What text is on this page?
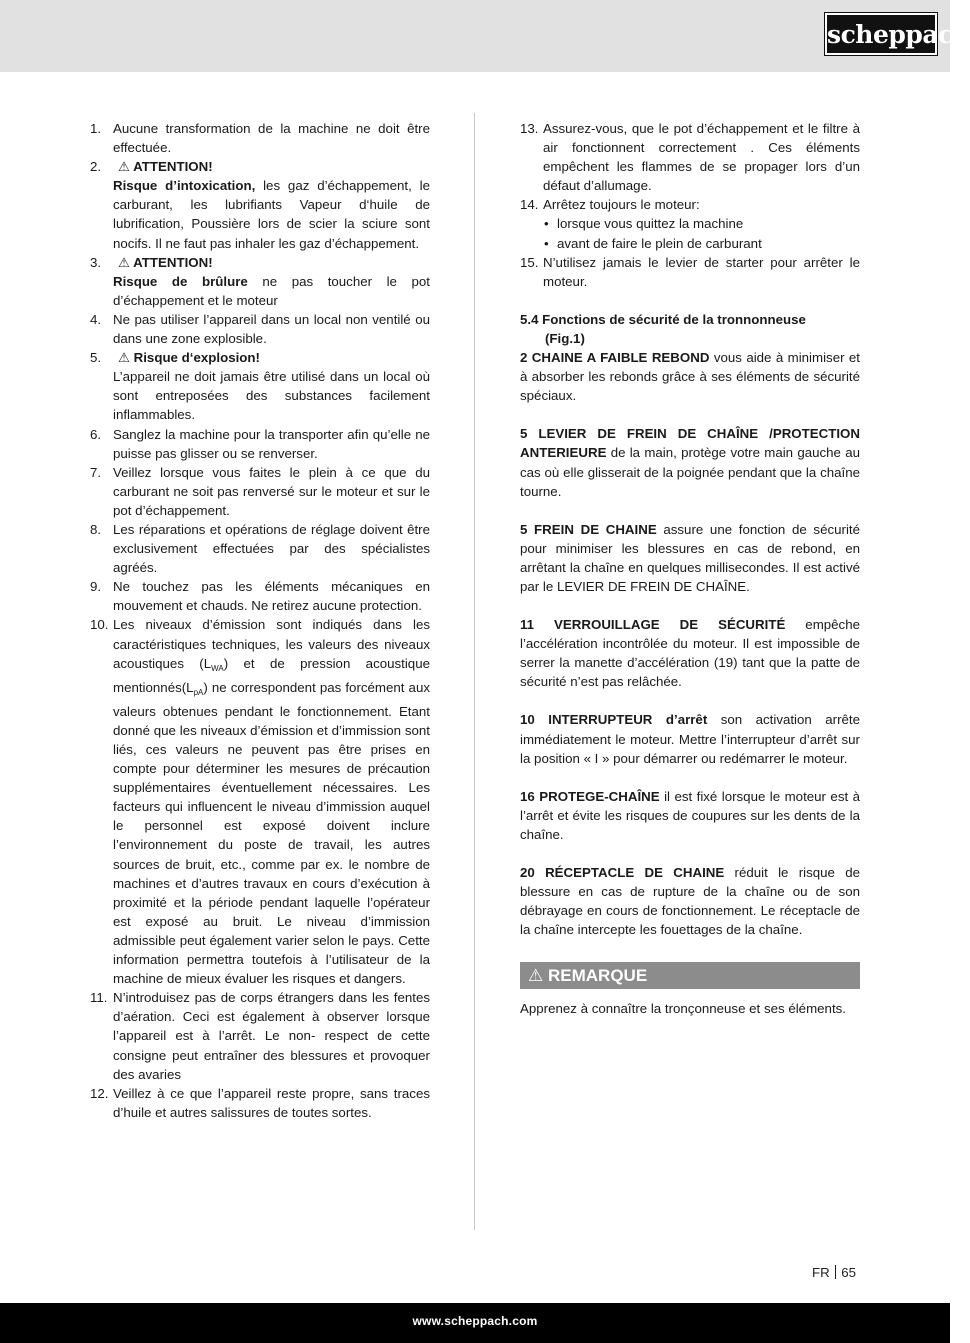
scheppach
1. Aucune transformation de la machine ne doit être effectuée.
2.	⚠ ATTENTION!
Risque d’intoxication, les gaz d’échappement, le carburant, les lubrifiants Vapeur d‘huile de lubrification, Poussière lors de scier la sciure sont nocifs. Il ne faut pas inhaler les gaz d’échappement.
3.	⚠ ATTENTION!
Risque de brûlure ne pas toucher le pot d’échappement et le moteur
4. Ne pas utiliser l’appareil dans un local non ventilé ou dans une zone explosible.
5.	⚠ Risque d‘explosion!
L’appareil ne doit jamais être utilisé dans un local où sont entreposées des substances facilement inflammables.
6. Sanglez la machine pour la transporter afin qu’elle ne puisse pas glisser ou se renverser.
7. Veillez lorsque vous faites le plein à ce que du carburant ne soit pas renversé sur le moteur et sur le pot d’échappement.
8. Les réparations et opérations de réglage doivent être exclusivement effectuées par des spécialistes agréés.
9. Ne touchez pas les éléments mécaniques en mouvement et chauds. Ne retirez aucune protection.
10. Les niveaux d’émission sont indiqués dans les caractéristiques techniques, les valeurs des niveaux acoustiques $(L_{WA})$ et de pression acoustique $mentionnés(L_{pA})$ ne correspondent pas forcément aux valeurs obtenues pendant le fonctionnement. Etant donné que les niveaux d’émission et d’immission sont liés, ces valeurs ne peuvent pas être prises en compte pour déterminer les mesures de précaution supplémentaires éventuellement nécessaires. Les facteurs qui influencent le niveau d’immission auquel le personnel est exposé doivent inclure l’environnement du poste de travail, les autres sources de bruit, etc., comme par ex. le nombre de machines et d’autres travaux en cours d’exécution à proximité et la période pendant laquelle l’opérateur est exposé au bruit. Le niveau d’immission admissible peut également varier selon le pays. Cette information permettra toutefois à l’utilisateur de la machine de mieux évaluer les risques et dangers.
11. N’introduisez pas de corps étrangers dans les fentes d’aération. Ceci est également à observer lorsque l’appareil est à l’arrêt. Le non- respect de cette consigne peut entraîner des blessures et provoquer des avaries
12. Veillez à ce que l’appareil reste propre, sans traces d’huile et autres salissures de toutes sortes.
13. Assurez-vous, que le pot d’échappement et le filtre à air fonctionnent correctement . Ces éléments empêchent les flammes de se propager lors d’un défaut d’allumage.
14. Arrêtez toujours le moteur:
• lorsque vous quittez la machine
• avant de faire le plein de carburant
15. N’utilisez jamais le levier de starter pour arrêter le moteur.

5.4 Fonctions de sécurité de la tronnonneuse
(Fig.1)

2 CHAINE A FAIBLE REBOND vous aide à minimiser et à absorber les rebonds grâce à ses éléments de sécurité spéciaux.

5 LEVIER DE FREIN DE CHAÎNE /PROTECTION ANTERIEURE de la main, protège votre main gauche au cas où elle glisserait de la poignée pendant que la chaîne tourne.

5 FREIN DE CHAINE assure une fonction de sécurité pour minimiser les blessures en cas de rebond, en arrêtant la chaîne en quelques millisecondes. Il est activé par le LEVIER DE FREIN DE CHAÎNE.

11 VERROUILLAGE DE SÉCURITÉ empêche l’accélération incontrôlée du moteur. Il est impossible de serrer la manette d’accélération (19) tant que la patte de sécurité n’est pas relâchée.

10 INTERRUPTEUR d’arrêt son activation arrête immédiatement le moteur. Mettre l’interrupteur d’arrêt sur la position « I » pour démarrer ou redémarrer le moteur.

16 PROTEGE-CHAÎNE il est fixé lorsque le moteur est à l’arrêt et évite les risques de coupures sur les dents de la chaîne.

20 RÉCEPTACLE DE CHAINE réduit le risque de blessure en cas de rupture de la chaîne ou de son débrayage en cours de fonctionnement. Le réceptacle de la chaîne intercepte les fouettages de la chaîne.

⚠ REMARQUE

Apprenez à connaître la tronçonneuse et ses éléments.

FR 65
www.scheppach.com
